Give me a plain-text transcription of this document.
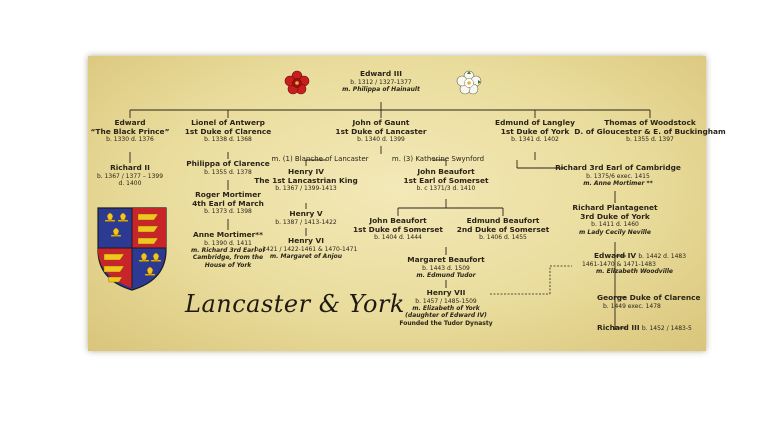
Edward III
b. 1312 / 1327-1377
m. Philippa of Hainault
Edward
“The Black Prince”
b. 1330 d. 1376
Richard II
b. 1367 / 1377 – 1399
d. 1400
Lionel of Antwerp
1st Duke of Clarence
b. 1338 d. 1368
Philippa of Clarence
b. 1355 d. 1378
Roger Mortimer
4th Earl of March
b. 1373 d. 1398
Anne Mortimer**
b. 1390 d. 1411
m. Richard 3rd Earl of
Cambridge, from the
House of York
John of Gaunt
1st Duke of Lancaster
b. 1340 d. 1399
m. (1) Blanche of Lancaster	m. (3) Katherine Swynford
Henry IV
The 1st Lancastrian King
b. 1367 / 1399-1413
Henry V
b. 1387 / 1413-1422
Henry VI
b. 1421 / 1422-1461 & 1470-1471
m. Margaret of Anjou
John Beaufort
1st Earl of Somerset
b. c 1371/3 d. 1410
John Beaufort
1st Duke of Somerset
b. 1404 d. 1444
Edmund Beaufort
2nd Duke of Somerset
b. 1406 d. 1455
Margaret Beaufort
b. 1443 d. 1509
m. Edmund Tudor
Henry VII
b. 1457 / 1485-1509
m. Elizabeth of York
(daughter of Edward IV)
Founded the Tudor Dynasty
Edmund of Langley
1st Duke of York
b. 1341 d. 1402
Thomas of Woodstock
D. of Gloucester & E. of Buckingham
b. 1355 d. 1397
Richard 3rd Earl of Cambridge
b. 1375/6 exec. 1415
m. Anne Mortimer **
Richard Plantagenet
3rd Duke of York
b. 1411 d. 1460
m Lady Cecily Neville
Edward IV b. 1442 d. 1483
1461-1470 & 1471-1483
m. Elizabeth Woodville
George Duke of Clarence
b. 1449 exec. 1478
Richard III b. 1452 / 1483-5
Lancaster & York
